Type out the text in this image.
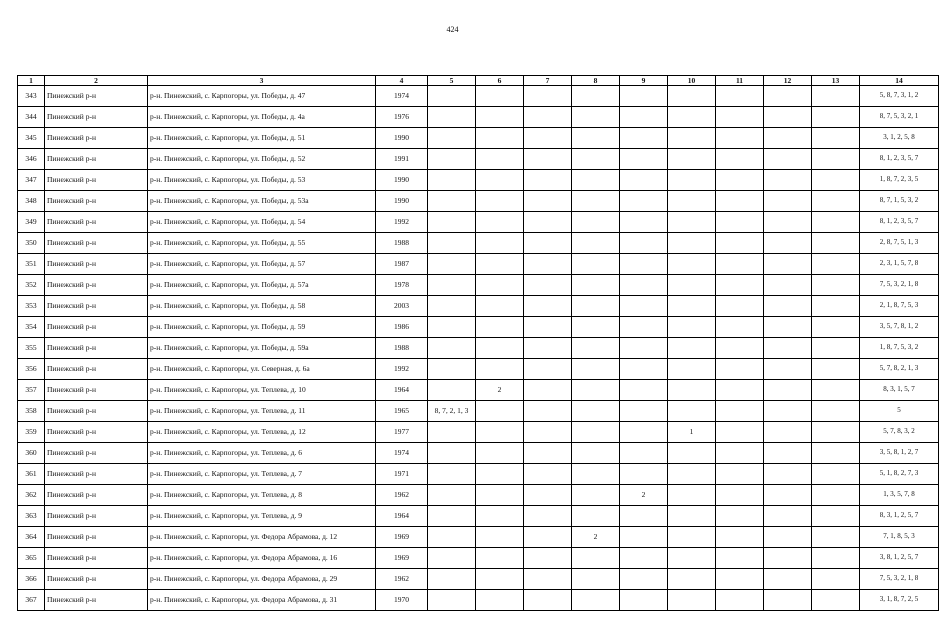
424
1	2	3	4	5	6	7	8	9	10	11	12	13	14
343	Пинежский р-н	р-н. Пинежский, с. Карпогоры, ул. Победы, д. 47	1974										5, 8, 7, 3, 1, 2

344	Пинежский р-н	р-н. Пинежский, с. Карпогоры, ул. Победы, д. 4а	1976										8, 7, 5, 3, 2, 1

345	Пинежский р-н	р-н. Пинежский, с. Карпогоры, ул. Победы, д. 51	1990										3, 1, 2, 5, 8

346	Пинежский р-н	р-н. Пинежский, с. Карпогоры, ул. Победы, д. 52	1991										8, 1, 2, 3, 5, 7

347	Пинежский р-н	р-н. Пинежский, с. Карпогоры, ул. Победы, д. 53	1990										1, 8, 7, 2, 3, 5

348	Пинежский р-н	р-н. Пинежский, с. Карпогоры, ул. Победы, д. 53а	1990										8, 7, 1, 5, 3, 2

349	Пинежский р-н	р-н. Пинежский, с. Карпогоры, ул. Победы, д. 54	1992										8, 1, 2, 3, 5, 7

350	Пинежский р-н	р-н. Пинежский, с. Карпогоры, ул. Победы, д. 55	1988										2, 8, 7, 5, 1, 3

351	Пинежский р-н	р-н. Пинежский, с. Карпогоры, ул. Победы, д. 57	1987										2, 3, 1, 5, 7, 8

352	Пинежский р-н	р-н. Пинежский, с. Карпогоры, ул. Победы, д. 57а	1978										7, 5, 3, 2, 1, 8

353	Пинежский р-н	р-н. Пинежский, с. Карпогоры, ул. Победы, д. 58	2003										2, 1, 8, 7, 5, 3

354	Пинежский р-н	р-н. Пинежский, с. Карпогоры, ул. Победы, д. 59	1986										3, 5, 7, 8, 1, 2

355	Пинежский р-н	р-н. Пинежский, с. Карпогоры, ул. Победы, д. 59а	1988										1, 8, 7, 5, 3, 2

356	Пинежский р-н	р-н. Пинежский, с. Карпогоры, ул. Северная, д. 6а	1992										5, 7, 8, 2, 1, 3

357	Пинежский р-н	р-н. Пинежский, с. Карпогоры, ул. Теплева, д. 10	1964		2								8, 3, 1, 5, 7

358	Пинежский р-н	р-н. Пинежский, с. Карпогоры, ул. Теплева, д. 11	1965	8, 7, 2, 1, 3									5

359	Пинежский р-н	р-н. Пинежский, с. Карпогоры, ул. Теплева, д. 12	1977						1				5, 7, 8, 3, 2

360	Пинежский р-н	р-н. Пинежский, с. Карпогоры, ул. Теплева, д. 6	1974										3, 5, 8, 1, 2, 7

361	Пинежский р-н	р-н. Пинежский, с. Карпогоры, ул. Теплева, д. 7	1971										5, 1, 8, 2, 7, 3

362	Пинежский р-н	р-н. Пинежский, с. Карпогоры, ул. Теплева, д. 8	1962					2					1, 3, 5, 7, 8

363	Пинежский р-н	р-н. Пинежский, с. Карпогоры, ул. Теплева, д. 9	1964										8, 3, 1, 2, 5, 7

364	Пинежский р-н	р-н. Пинежский, с. Карпогоры, ул. Федора Абрамова, д. 12	1969				2						7, 1, 8, 5, 3

365	Пинежский р-н	р-н. Пинежский, с. Карпогоры, ул. Федора Абрамова, д. 16	1969										3, 8, 1, 2, 5, 7

366	Пинежский р-н	р-н. Пинежский, с. Карпогоры, ул. Федора Абрамова, д. 29	1962										7, 5, 3, 2, 1, 8

367	Пинежский р-н	р-н. Пинежский, с. Карпогоры, ул. Федора Абрамова, д. 31	1970										3, 1, 8, 7, 2, 5
